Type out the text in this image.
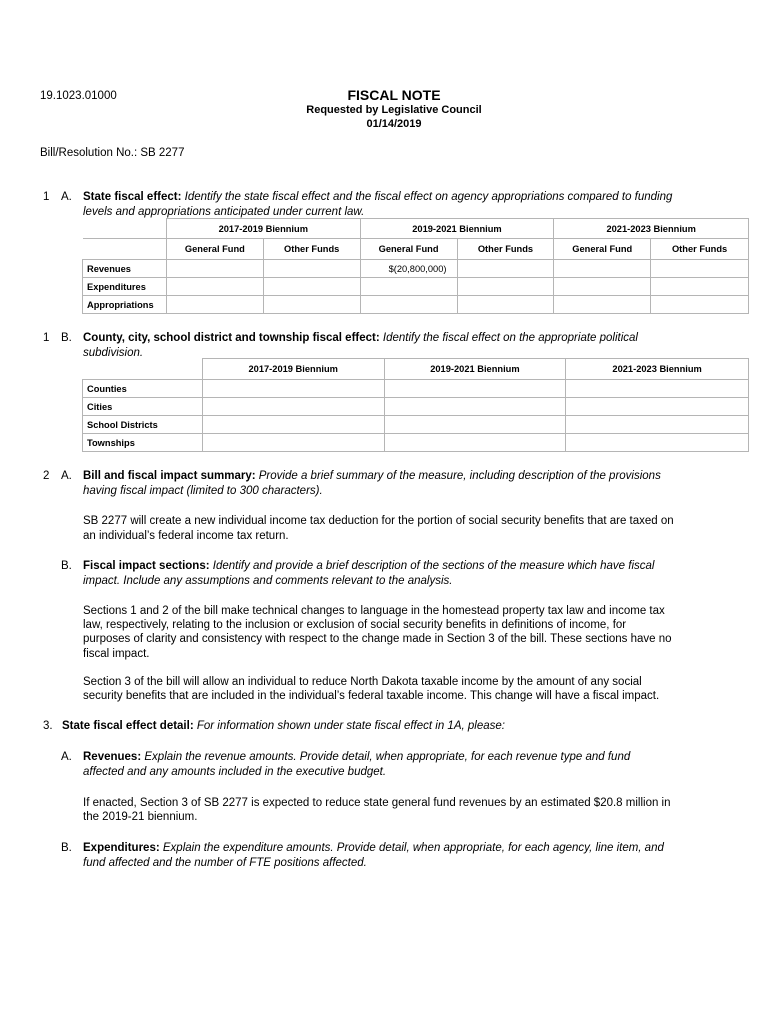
19.1023.01000	FISCAL NOTE
Requested by Legislative Council
01/14/2019
Bill/Resolution No.: SB 2277
1 A. State fiscal effect: Identify the state fiscal effect and the fiscal effect on agency appropriations compared to funding
levels and appropriations anticipated under current law.
	2017-2019 Biennium		2019-2021 Biennium		2021-2023 Biennium	
	General Fund	Other Funds	General Fund	Other Funds	General Fund	Other Funds
Revenues			$(20,800,000)			
Expenditures						
Appropriations						
1 B. County, city, school district and township fiscal effect: Identify the fiscal effect on the appropriate political
subdivision.
	2017-2019 Biennium	2019-2021 Biennium	2021-2023 Biennium
Counties			
Cities			
School Districts			
Townships			
2 A. Bill and fiscal impact summary: Provide a brief summary of the measure, including description of the provisions
having fiscal impact (limited to 300 characters).
SB 2277 will create a new individual income tax deduction for the portion of social security benefits that are taxed on
an individual’s federal income tax return.
B. Fiscal impact sections: Identify and provide a brief description of the sections of the measure which have fiscal
impact. Include any assumptions and comments relevant to the analysis.
Sections 1 and 2 of the bill make technical changes to language in the homestead property tax law and income tax
law, respectively, relating to the inclusion or exclusion of social security benefits in definitions of income, for
purposes of clarity and consistency with respect to the change made in Section 3 of the bill. These sections have no
fiscal impact.
Section 3 of the bill will allow an individual to reduce North Dakota taxable income by the amount of any social
security benefits that are included in the individual’s federal taxable income. This change will have a fiscal impact.
3. State fiscal effect detail: For information shown under state fiscal effect in 1A, please:
A. Revenues: Explain the revenue amounts. Provide detail, when appropriate, for each revenue type and fund
affected and any amounts included in the executive budget.
If enacted, Section 3 of SB 2277 is expected to reduce state general fund revenues by an estimated $20.8 million in
the 2019-21 biennium.
B. Expenditures: Explain the expenditure amounts. Provide detail, when appropriate, for each agency, line item, and
fund affected and the number of FTE positions affected.
